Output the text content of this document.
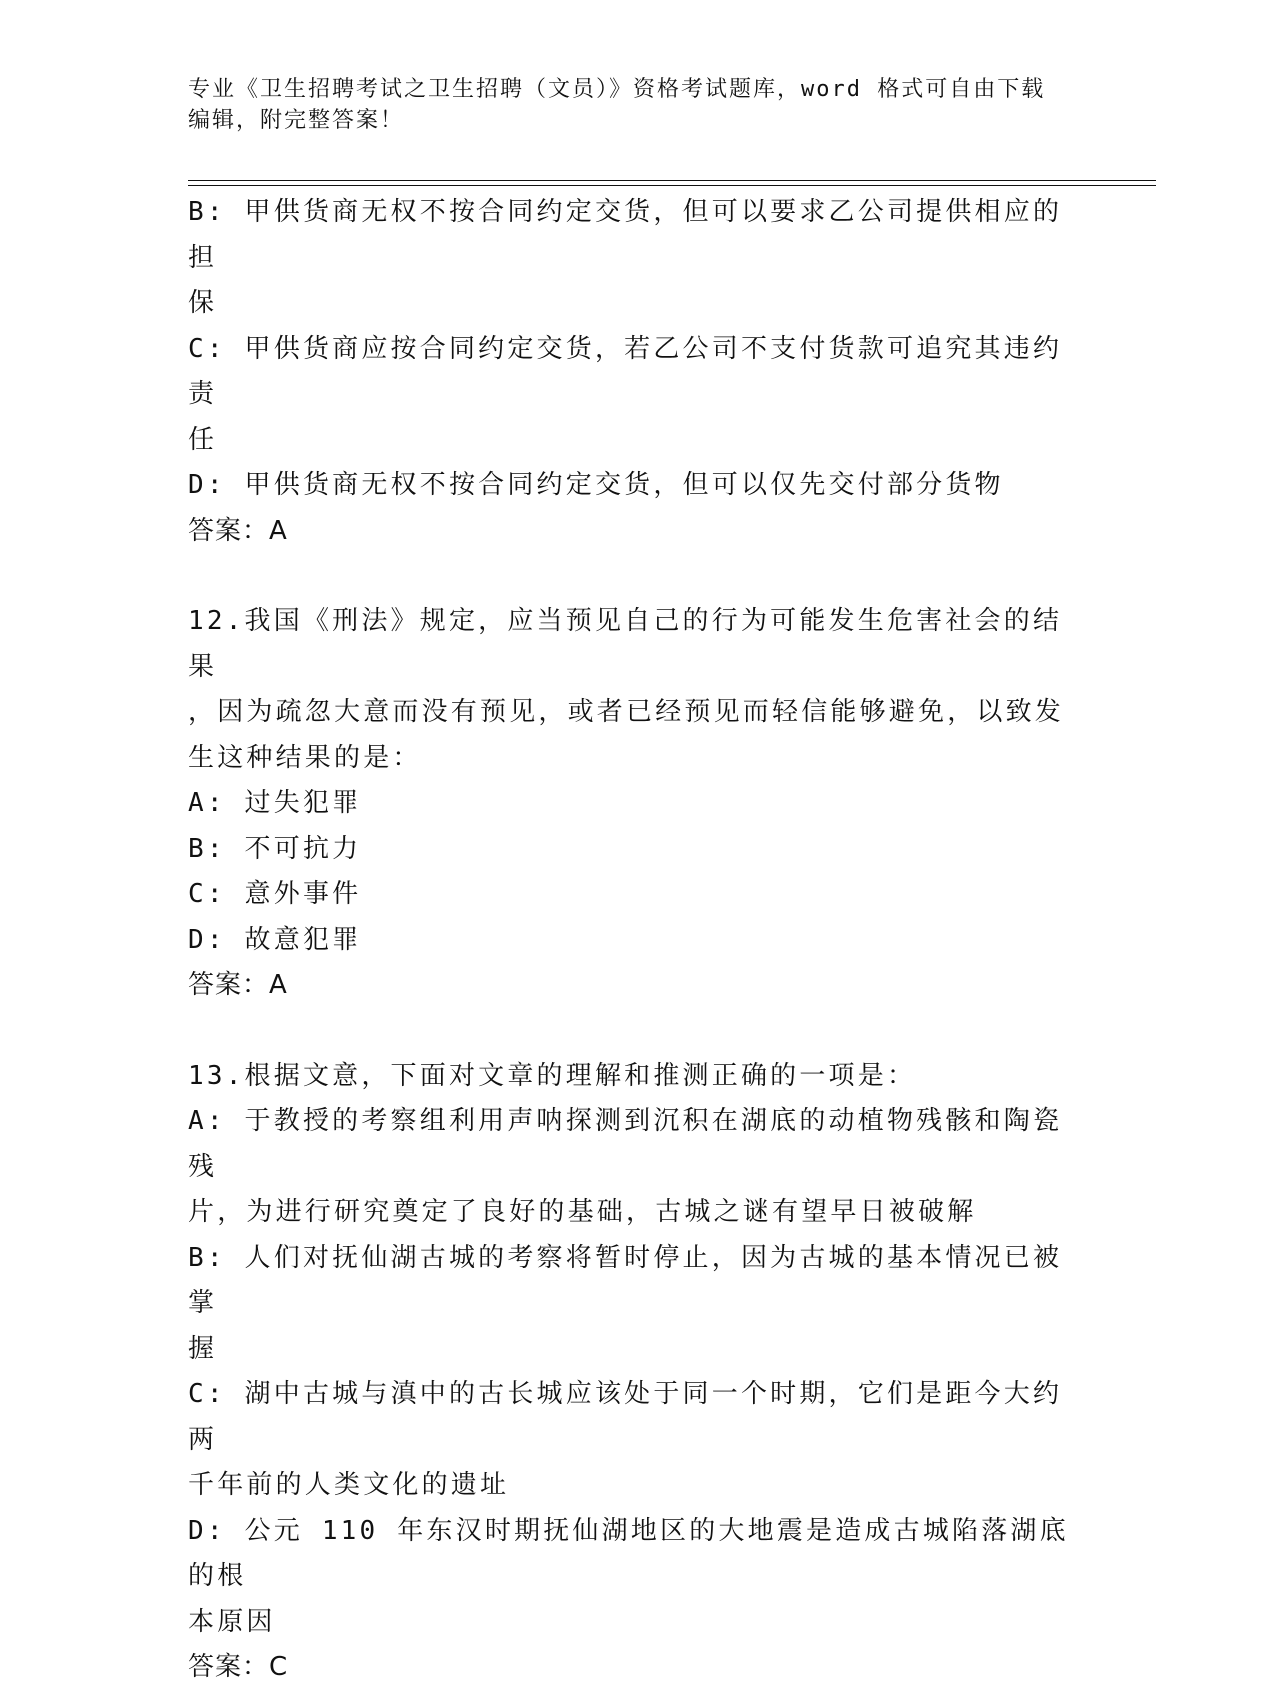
专业《卫生招聘考试之卫生招聘（文员）》资格考试题库，word 格式可自由下载

编辑，附完整答案！

B: 甲供货商无权不按合同约定交货，但可以要求乙公司提供相应的担

保

C: 甲供货商应按合同约定交货，若乙公司不支付货款可追究其违约责

任

D: 甲供货商无权不按合同约定交货，但可以仅先交付部分货物

答案：A

12.我国《刑法》规定，应当预见自己的行为可能发生危害社会的结果

，因为疏忽大意而没有预见，或者已经预见而轻信能够避免，以致发

生这种结果的是：

A: 过失犯罪

B: 不可抗力

C: 意外事件

D: 故意犯罪

答案：A

13.根据文意，下面对文章的理解和推测正确的一项是：

A: 于教授的考察组利用声呐探测到沉积在湖底的动植物残骸和陶瓷残

片，为进行研究奠定了良好的基础，古城之谜有望早日被破解

B: 人们对抚仙湖古城的考察将暂时停止，因为古城的基本情况已被掌

握

C: 湖中古城与滇中的古长城应该处于同一个时期，它们是距今大约两

千年前的人类文化的遗址

D: 公元 110 年东汉时期抚仙湖地区的大地震是造成古城陷落湖底的根

本原因

答案：C
